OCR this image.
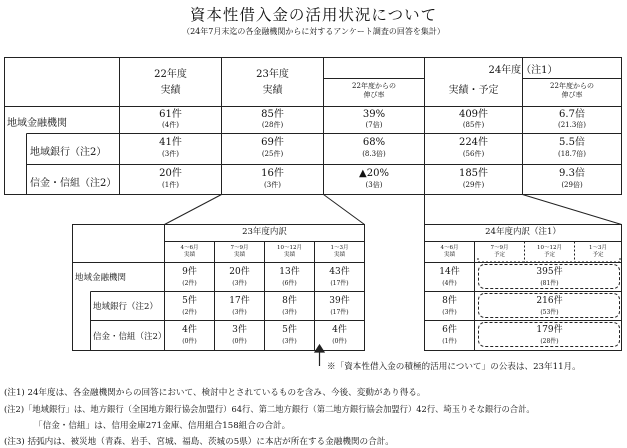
資本性借入金の活用状況について
（24年7月末迄の各金融機関からに対するアンケート調査の回答を集計）
22年度
実績
23年度
実績	22年度からの
伸び率
24年度（注1）
実績・予定	22年度からの
伸び率
地域金融機関
61件
(4件)
85件
(28件)
39%
(7倍)
409件
(85件)
6.7倍
(21.3倍)
地域銀行（注2）
41件
(3件)
69件
(25件)
68%
(8.3倍)
224件
(56件)
5.5倍
(18.7倍)
信金・信組（注2）
20件
(1件)
16件
(3件)
▲20%
(3倍)
185件
(29件)
9.3倍
(29倍)
23年度内訳
4～6月
実績
7～9月
実績
10～12月
実績
1～3月
実績
地域金融機関
地域銀行（注2）
信金・信組（注2）
9件
(2件)
20件
(3件)
13件
(6件)
43件
(17件)
5件
(2件)
17件
(3件)
8件
(3件)
39件
(17件)
4件
(0件)
3件
(0件)
5件
(3件)
4件
(0件)
24年度内訳（注1）
4～6月
実績
7～9月
予定
10～12月
予定
1～3月
予定
14件
(4件)
395件
(81件)
8件
(3件)
216件
(53件)
6件
(1件)
179件
(28件)
※「資本性借入金の積極的活用について」の公表は、23年11月。
(注1) 24年度は、各金融機関からの回答において、検討中とされているものを含み、今後、変動があり得る。
(注2)「地域銀行」は、地方銀行（全国地方銀行協会加盟行）64行、第二地方銀行（第二地方銀行協会加盟行）42行、埼玉りそな銀行の合計。
「信金・信組」は、信用金庫271金庫、信用組合158組合の合計。
(注3) 括弧内は、被災地（青森、岩手、宮城、福島、茨城の5県）に本店が所在する金融機関の合計。
